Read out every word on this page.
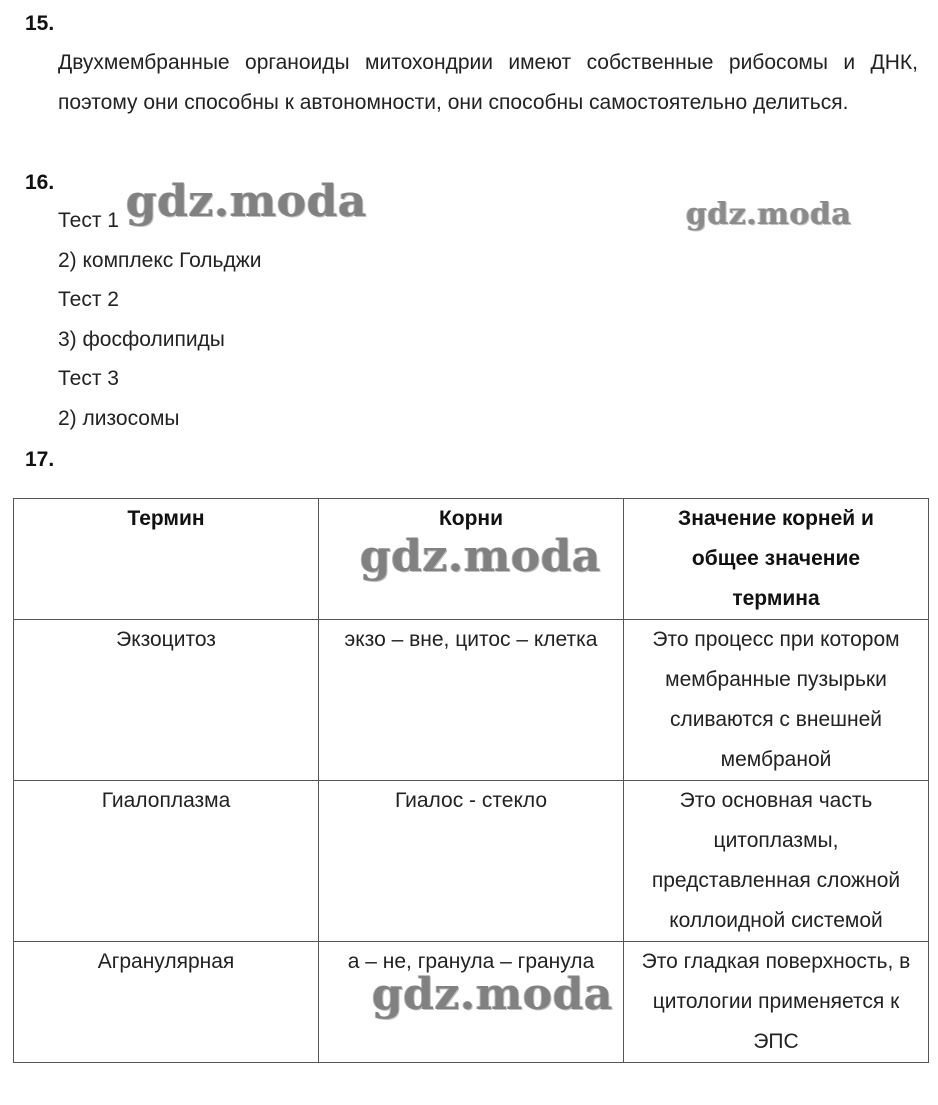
15.
Двухмембранные органоиды митохондрии имеют собственные рибосомы и ДНК, поэтому они способны к автономности, они способны самостоятельно делиться.
16.
Тест 1
2) комплекс Гольджи
Тест 2
3) фосфолипиды
Тест 3
2) лизосомы
17.
Термин	Корни	Значение корней и общее значение термина
Экзоцитоз	экзо – вне, цитос – клетка	Это процесс при котором мембранные пузырьки сливаются с внешней мембраной
Гиалоплазма	Гиалос - стекло	Это основная часть цитоплазмы, представленная сложной коллоидной системой
Агранулярная	а – не, гранула – гранула	Это гладкая поверхность, в цитологии применяется к ЭПС
gdz.moda	gdz.moda
gdz.moda
gdz.moda
